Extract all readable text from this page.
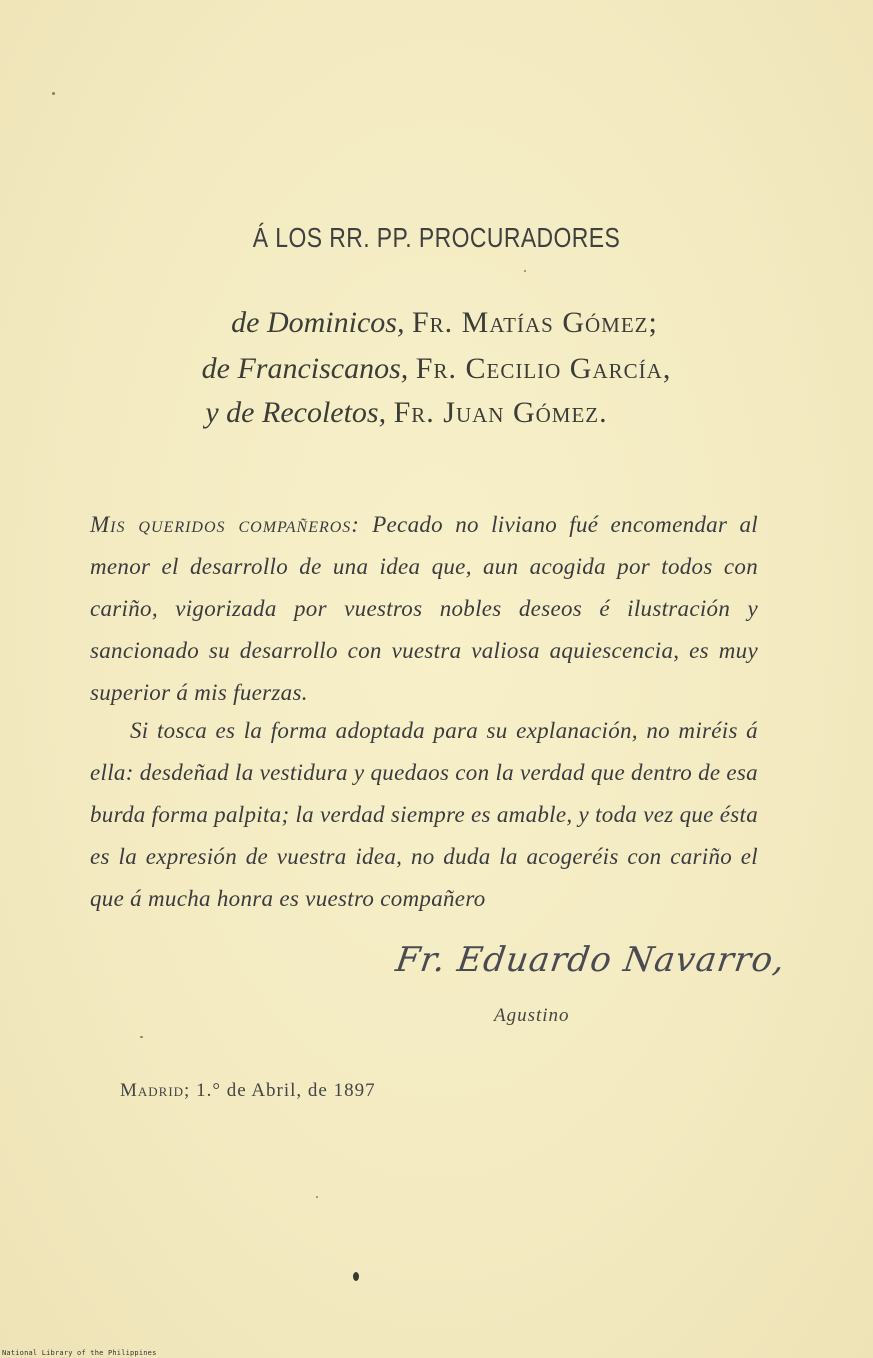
Á LOS RR. PP. PROCURADORES
de Dominicos, Fr. Matías Gómez;
de Franciscanos, Fr. Cecilio García,
y de Recoletos, Fr. Juan Gómez.
Mis queridos compañeros: Pecado no liviano fué encomendar al menor el desarrollo de una idea que, aun acogida por todos con cariño, vigorizada por vuestros nobles deseos é ilustración y sancionado su desarrollo con vuestra valiosa aquiescencia, es muy superior á mis fuerzas.
Si tosca es la forma adoptada para su explanación, no miréis á ella: desdeñad la vestidura y quedaos con la verdad que dentro de esa burda forma palpita; la verdad siempre es amable, y toda vez que ésta es la expresión de vuestra idea, no duda la acogeréis con cariño el que á mucha honra es vuestro compañero
Fr. Eduardo Navarro,
Agustino
Madrid; 1.° de Abril, de 1897
National Library of the Philippines
